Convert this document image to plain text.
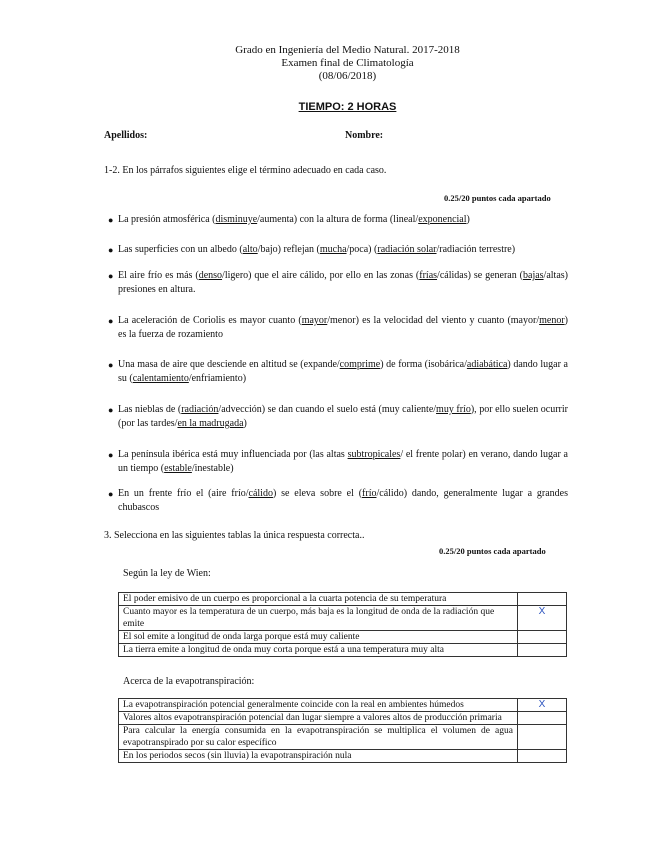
Grado en Ingeniería del Medio Natural. 2017-2018
Examen final de Climatología
(08/06/2018)
TIEMPO: 2 HORAS
Apellidos:	Nombre:
1-2. En los párrafos siguientes elige el término adecuado en cada caso.
0.25/20 puntos cada apartado
● La presión atmosférica (disminuye/aumenta) con la altura de forma (lineal/exponencial)
● Las superficies con un albedo (alto/bajo) reflejan (mucha/poca) (radiación solar/radiación terrestre)
● El aire frío es más (denso/ligero) que el aire cálido, por ello en las zonas (frías/cálidas) se generan (bajas/altas) presiones en altura.
● La aceleración de Coriolis es mayor cuanto (mayor/menor) es la velocidad del viento y cuanto (mayor/menor) es la fuerza de rozamiento
● Una masa de aire que desciende en altitud se (expande/comprime) de forma (isobárica/adiabática) dando lugar a su (calentamiento/enfriamiento)
● Las nieblas de (radiación/advección) se dan cuando el suelo está (muy caliente/muy frío), por ello suelen ocurrir (por las tardes/en la madrugada)
● La península ibérica está muy influenciada por (las altas subtropicales/ el frente polar) en verano, dando lugar a un tiempo (estable/inestable)
● En un frente frío el (aire frío/cálido) se eleva sobre el (frío/cálido) dando, generalmente lugar a grandes chubascos
3. Selecciona en las siguientes tablas la única respuesta correcta..
0.25/20 puntos cada apartado
Según la ley de Wien:
El poder emisivo de un cuerpo es proporcional a la cuarta potencia de su temperatura	
Cuanto mayor es la temperatura de un cuerpo, más baja es la longitud de onda de la radiación que emite	X
El sol emite a longitud de onda larga porque está muy caliente	
La tierra emite a longitud de onda muy corta porque está a una temperatura muy alta	
Acerca de la evapotranspiración:
La evapotranspiración potencial generalmente coincide con la real en ambientes húmedos	X
Valores altos evapotranspiración potencial dan lugar siempre a valores altos de producción primaria	
Para calcular la energía consumida en la evapotranspiración se multiplica el volumen de agua evapotranspirado por su calor específico	
En los periodos secos (sin lluvia) la evapotranspiración nula	
